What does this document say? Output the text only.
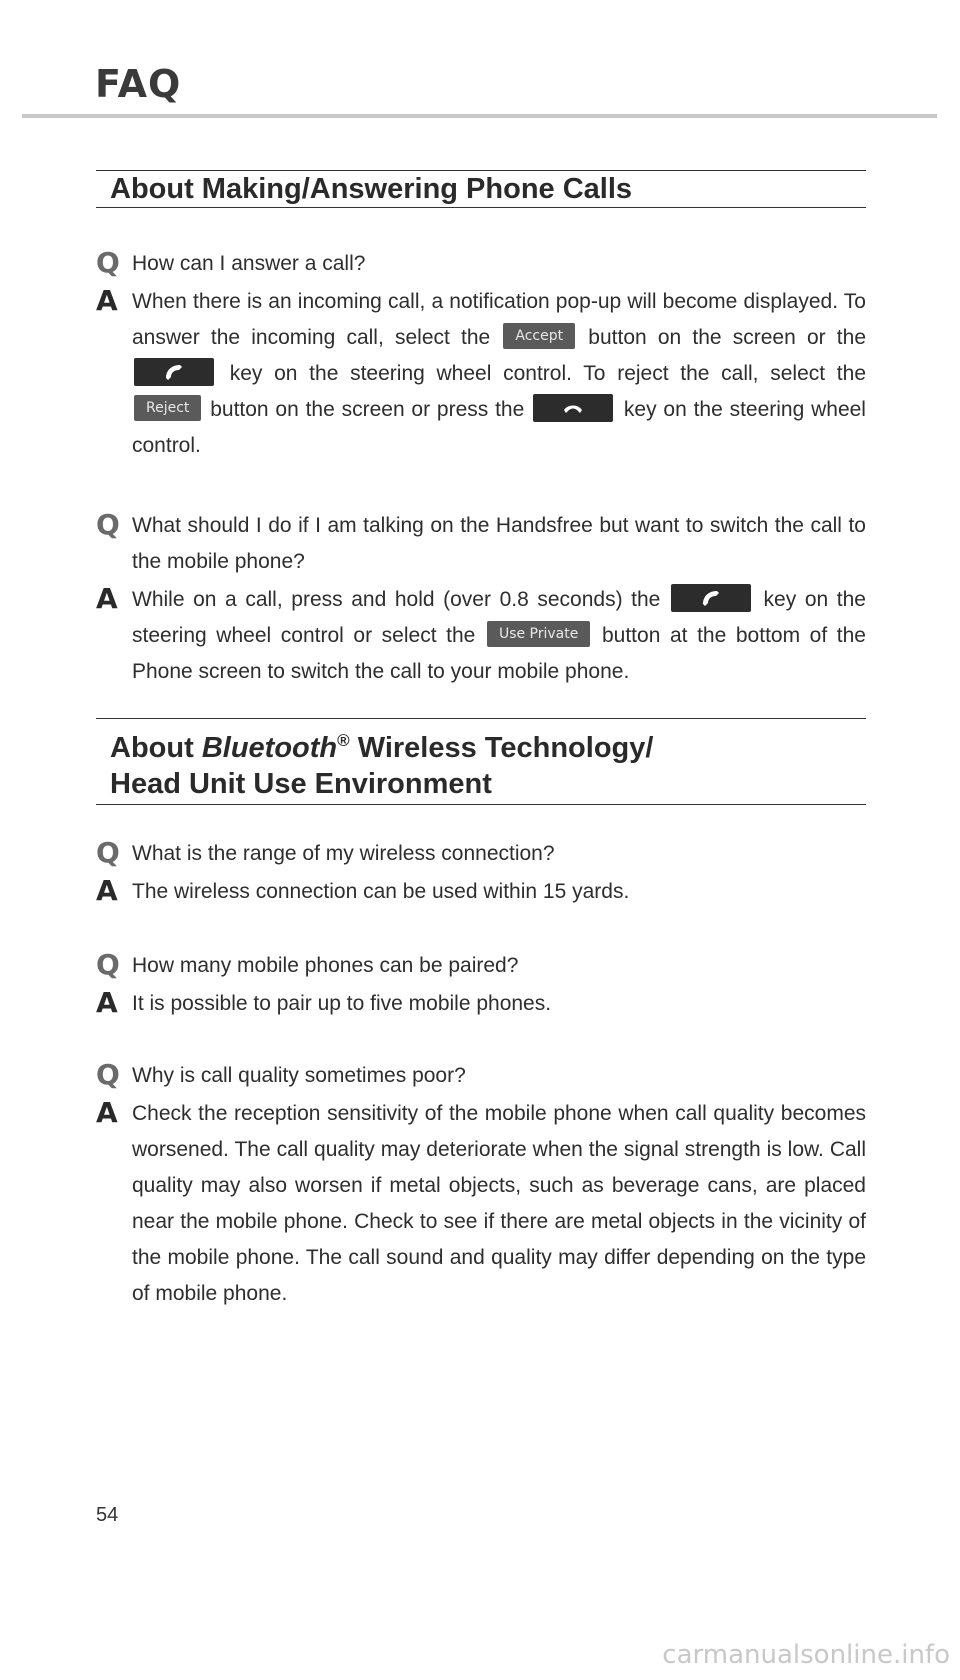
FAQ
About Making/Answering Phone Calls
Q How can I answer a call?
A When there is an incoming call, a notification pop-up will become displayed. To answer the incoming call, select the Accept button on the screen or the
key on the steering wheel control. To reject the call, select the Reject button on the screen or press the	key on the steering wheel control.
Q What should I do if I am talking on the Handsfree but want to switch the call to the mobile phone?
A While on a call, press and hold (over 0.8 seconds) the	key on the steering wheel control or select the Use Private button at the bottom of the Phone screen to switch the call to your mobile phone.
About Bluetooth® Wireless Technology/
Head Unit Use Environment
Q What is the range of my wireless connection?
A The wireless connection can be used within 15 yards.
Q How many mobile phones can be paired?
A It is possible to pair up to five mobile phones.
Q Why is call quality sometimes poor?
A Check the reception sensitivity of the mobile phone when call quality becomes worsened. The call quality may deteriorate when the signal strength is low. Call quality may also worsen if metal objects, such as beverage cans, are placed near the mobile phone. Check to see if there are metal objects in the vicinity of the mobile phone. The call sound and quality may differ depending on the type of mobile phone.
54
carmanualsonline.info
